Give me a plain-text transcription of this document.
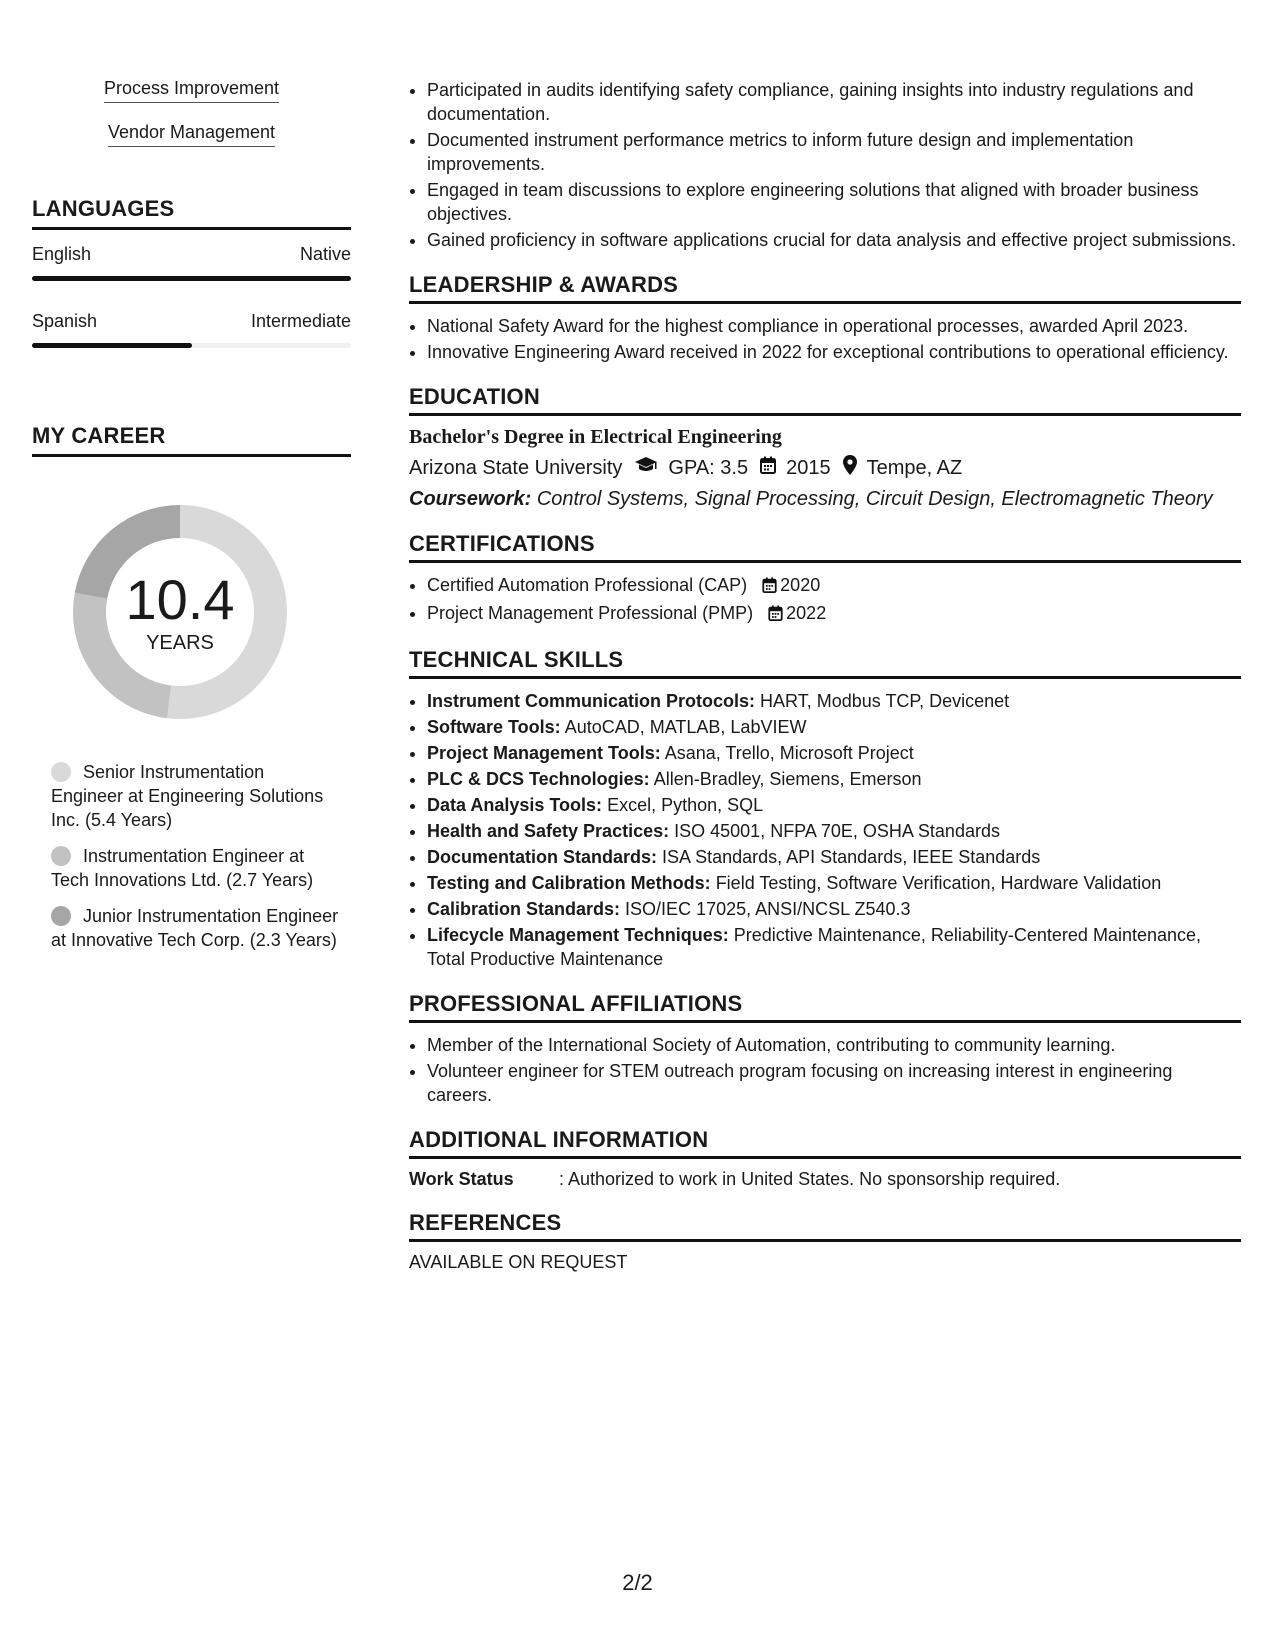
Process Improvement
Vendor Management
LANGUAGES
English	Native
Spanish	Intermediate
MY CAREER
10.4
YEARS
Senior Instrumentation Engineer at Engineering Solutions Inc. (5.4 Years)
Instrumentation Engineer at Tech Innovations Ltd. (2.7 Years)
Junior Instrumentation Engineer at Innovative Tech Corp. (2.3 Years)
• Participated in audits identifying safety compliance, gaining insights into industry regulations and documentation.
• Documented instrument performance metrics to inform future design and implementation improvements.
• Engaged in team discussions to explore engineering solutions that aligned with broader business objectives.
• Gained proficiency in software applications crucial for data analysis and effective project submissions.
LEADERSHIP & AWARDS
• National Safety Award for the highest compliance in operational processes, awarded April 2023.
• Innovative Engineering Award received in 2022 for exceptional contributions to operational efficiency.
EDUCATION
Bachelor's Degree in Electrical Engineering
Arizona State University GPA: 3.5 2015 Tempe, AZ
Coursework: Control Systems, Signal Processing, Circuit Design, Electromagnetic Theory
CERTIFICATIONS
• Certified Automation Professional (CAP) 2020
• Project Management Professional (PMP) 2022
TECHNICAL SKILLS
• Instrument Communication Protocols: HART, Modbus TCP, Devicenet
• Software Tools: AutoCAD, MATLAB, LabVIEW
• Project Management Tools: Asana, Trello, Microsoft Project
• PLC & DCS Technologies: Allen-Bradley, Siemens, Emerson
• Data Analysis Tools: Excel, Python, SQL
• Health and Safety Practices: ISO 45001, NFPA 70E, OSHA Standards
• Documentation Standards: ISA Standards, API Standards, IEEE Standards
• Testing and Calibration Methods: Field Testing, Software Verification, Hardware Validation
• Calibration Standards: ISO/IEC 17025, ANSI/NCSL Z540.3
• Lifecycle Management Techniques: Predictive Maintenance, Reliability-Centered Maintenance, Total Productive Maintenance
PROFESSIONAL AFFILIATIONS
• Member of the International Society of Automation, contributing to community learning.
• Volunteer engineer for STEM outreach program focusing on increasing interest in engineering careers.
ADDITIONAL INFORMATION
Work Status	: Authorized to work in United States. No sponsorship required.
REFERENCES
AVAILABLE ON REQUEST
2/2
